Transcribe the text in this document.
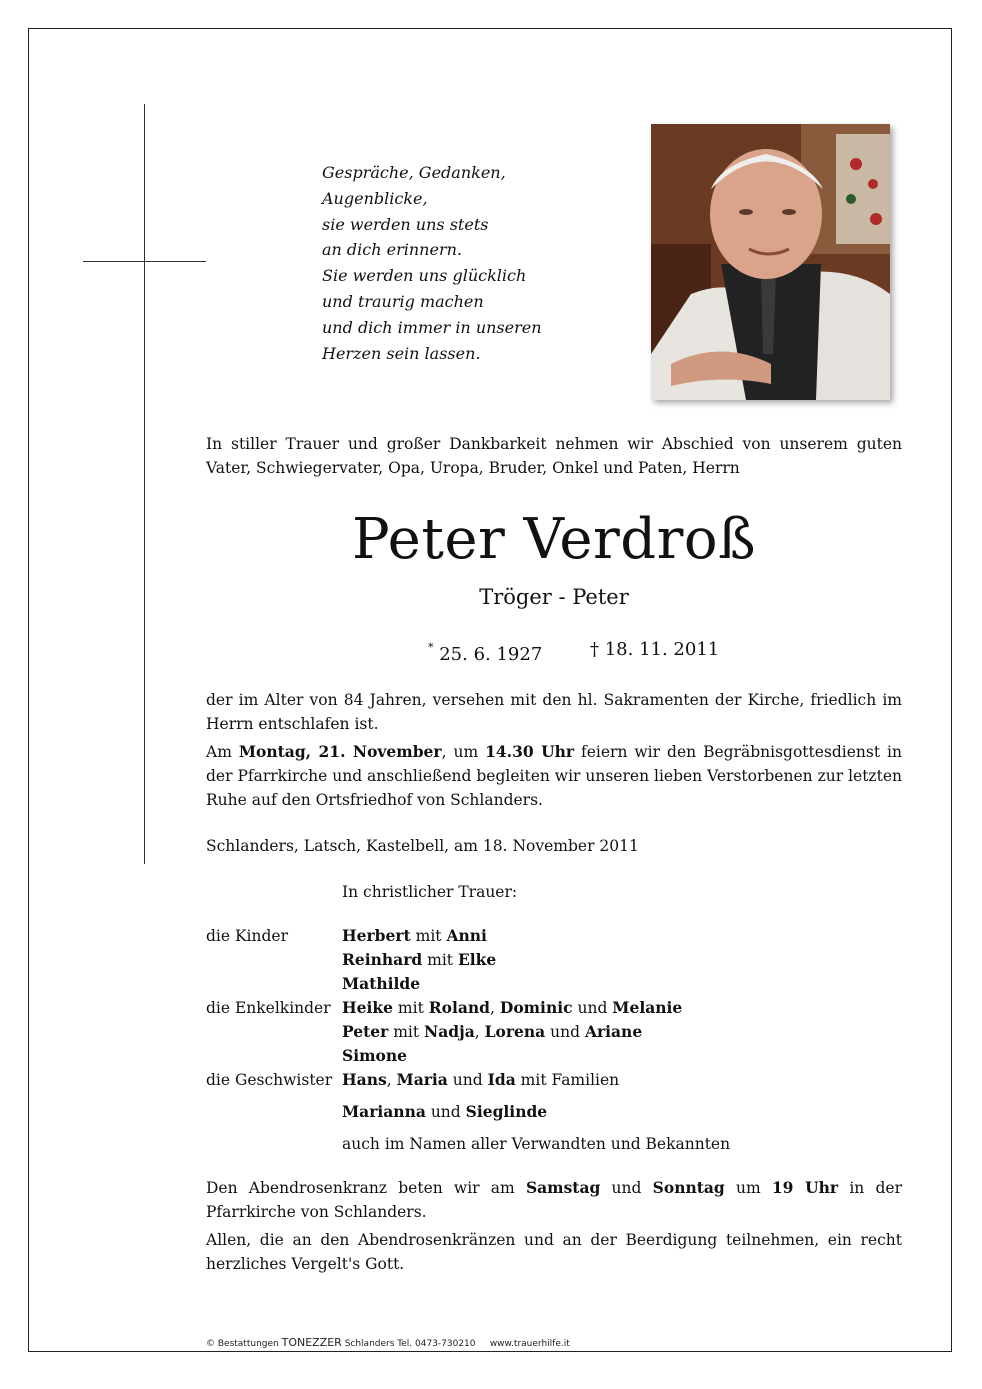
Gespräche, Gedanken,
Augenblicke,
sie werden uns stets
an dich erinnern.
Sie werden uns glücklich
und traurig machen
und dich immer in unseren
Herzen sein lassen.
In stiller Trauer und großer Dankbarkeit nehmen wir Abschied von unserem guten Vater, Schwiegervater, Opa, Uropa, Bruder, Onkel und Paten, Herrn
Peter Verdroß
Tröger - Peter
* 25. 6. 1927	† 18. 11. 2011
der im Alter von 84 Jahren, versehen mit den hl. Sakramenten der Kirche, friedlich im Herrn entschlafen ist.
Am Montag, 21. November, um 14.30 Uhr feiern wir den Begräbnisgottesdienst in der Pfarrkirche und anschließend begleiten wir unseren lieben Verstorbenen zur letzten Ruhe auf den Ortsfriedhof von Schlanders.
Schlanders, Latsch, Kastelbell, am 18. November 2011
In christlicher Trauer:
die Kinder	Herbert mit Anni
Reinhard mit Elke
Mathilde
die Enkelkinder Heike mit Roland, Dominic und Melanie
Peter mit Nadja, Lorena und Ariane
Simone
die Geschwister Hans, Maria und Ida mit Familien
Marianna und Sieglinde
auch im Namen aller Verwandten und Bekannten
Den Abendrosenkranz beten wir am Samstag und Sonntag um 19 Uhr in der Pfarrkirche von Schlanders.
Allen, die an den Abendrosenkränzen und an der Beerdigung teilnehmen, ein recht herzliches Vergelt's Gott.
© Bestattungen TONEZZER Schlanders Tel. 0473-730210     www.trauerhilfe.it
